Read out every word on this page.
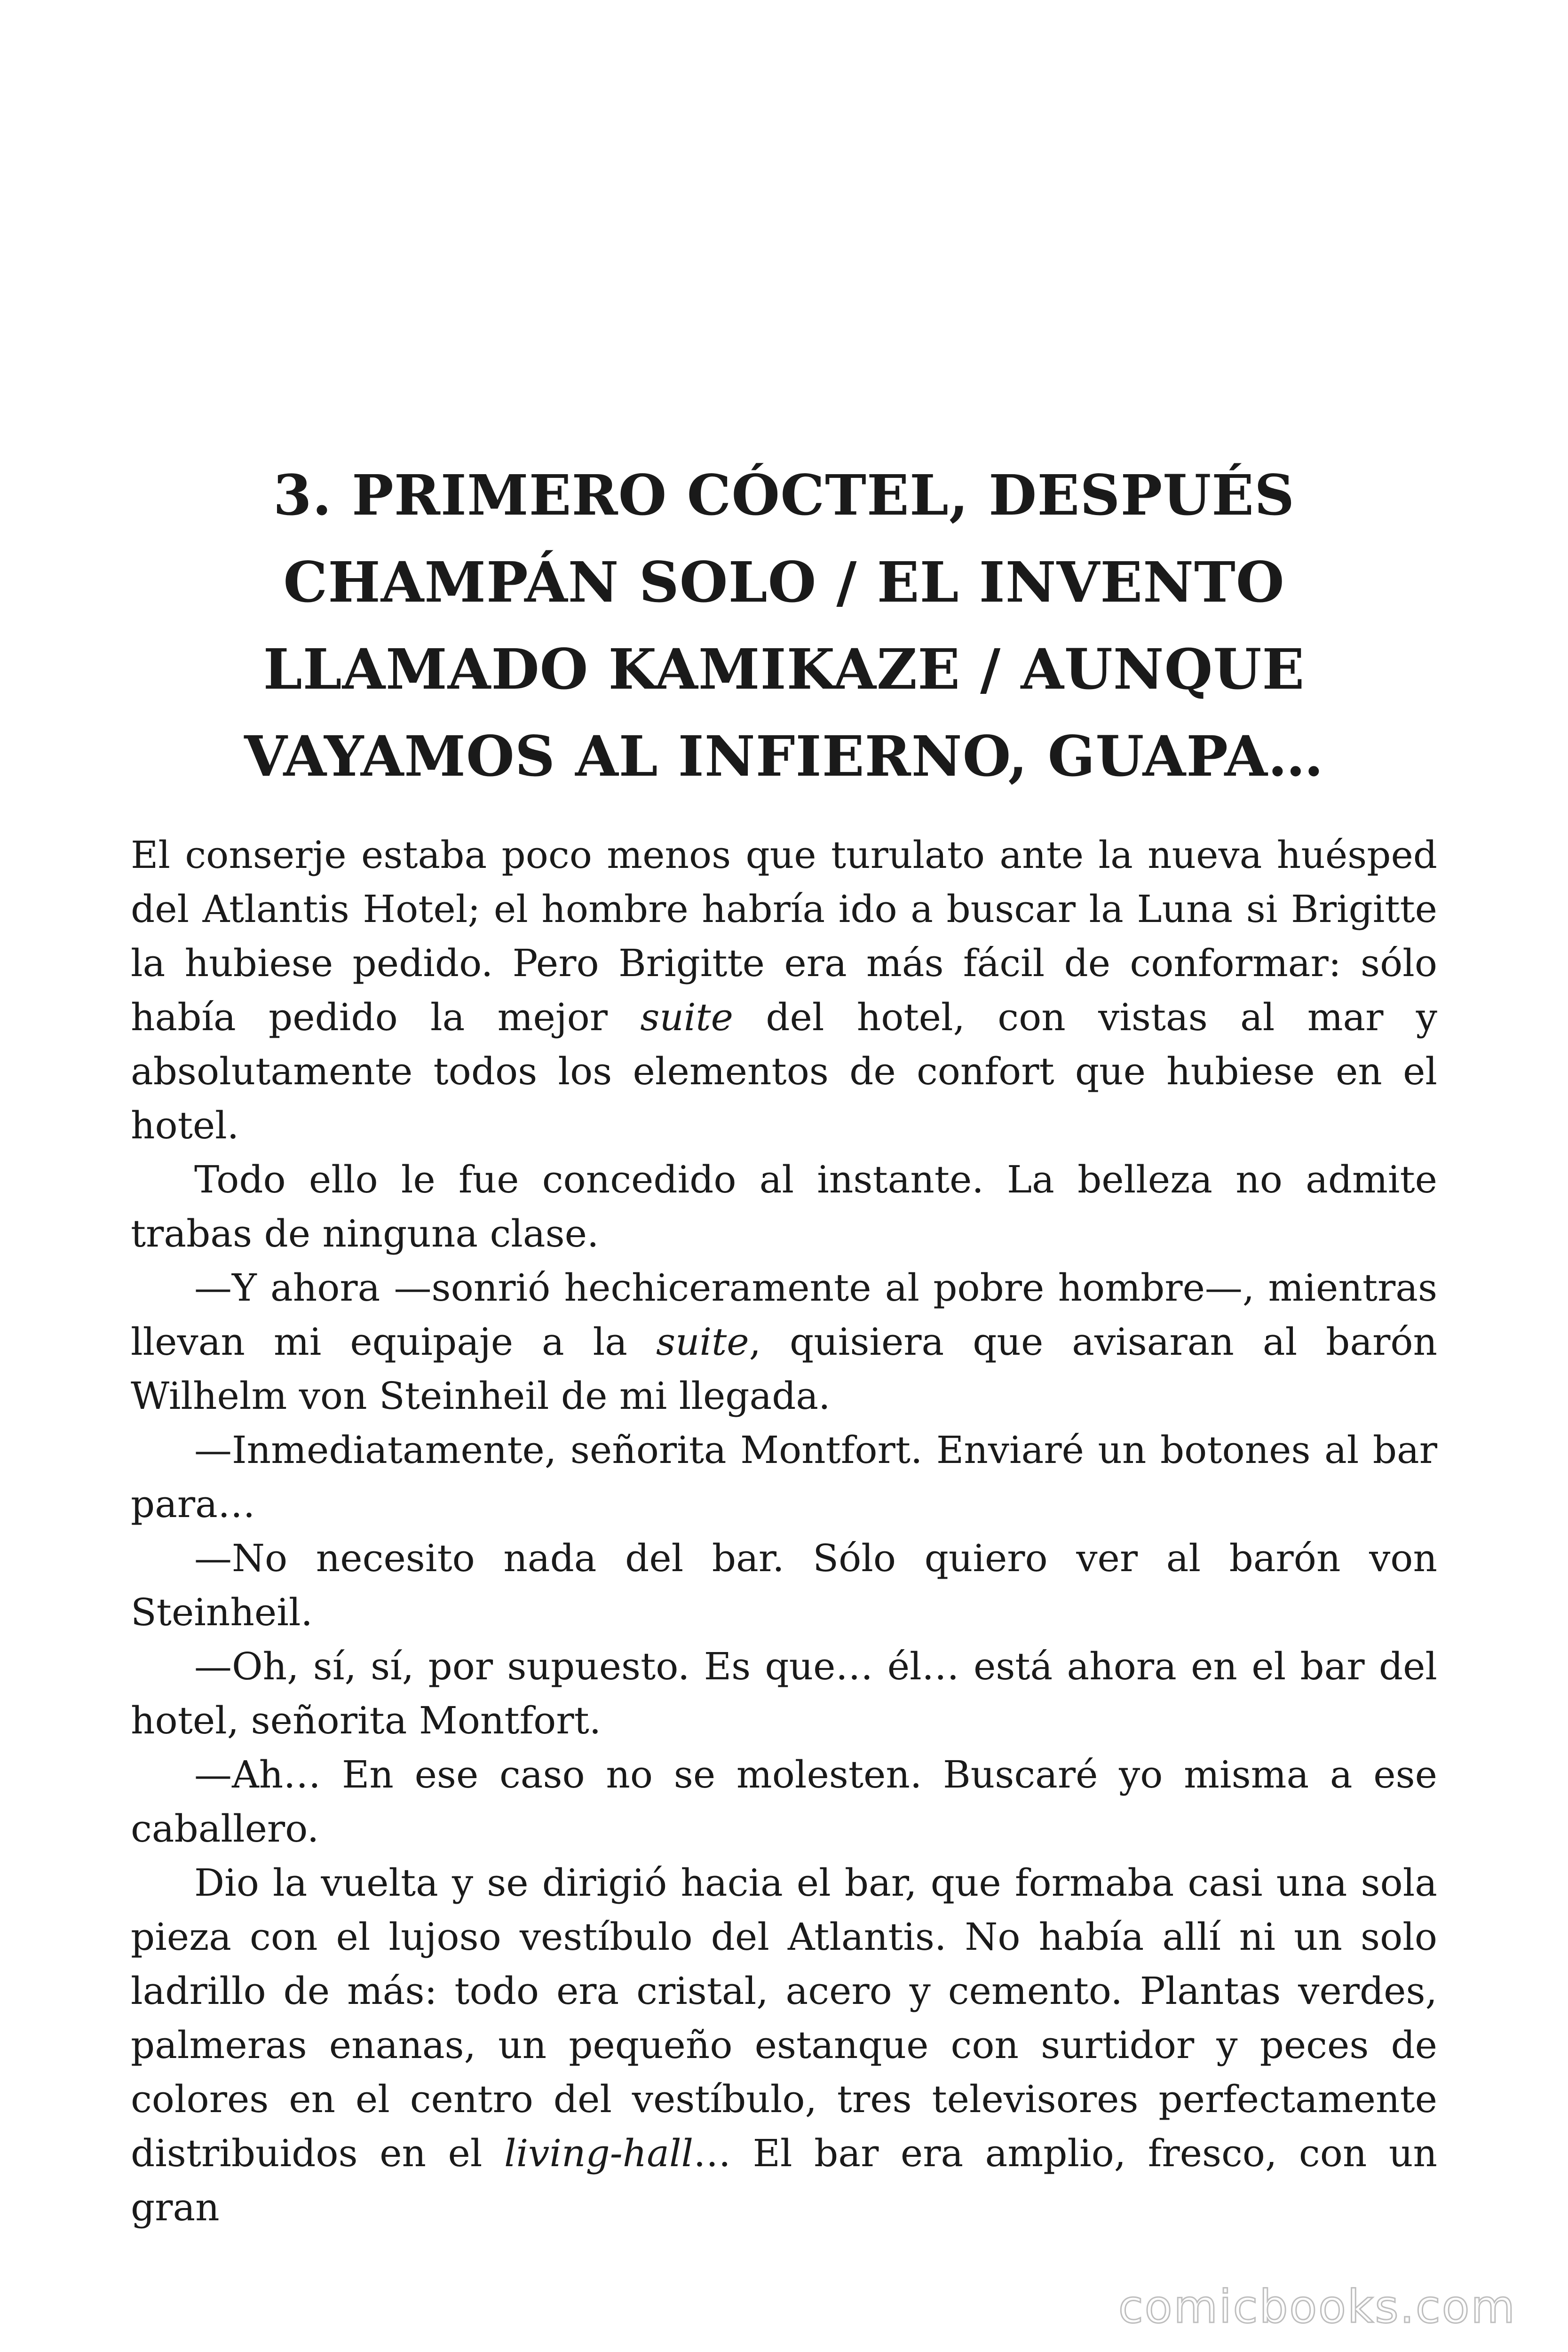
3. PRIMERO CÓCTEL, DESPUÉS
CHAMPÁN SOLO / EL INVENTO
LLAMADO KAMIKAZE / AUNQUE
VAYAMOS AL INFIERNO, GUAPA…

El conserje estaba poco menos que turulato ante la nueva huésped del Atlantis Hotel; el hombre habría ido a buscar la Luna si Brigitte la hubiese pedido. Pero Brigitte era más fácil de conformar: sólo había pedido la mejor suite del hotel, con vistas al mar y absolutamente todos los elementos de confort que hubiese en el hotel.

Todo ello le fue concedido al instante. La belleza no admite trabas de ninguna clase.

—Y ahora —sonrió hechiceramente al pobre hombre—, mientras llevan mi equipaje a la suite, quisiera que avisaran al barón Wilhelm von Steinheil de mi llegada.

—Inmediatamente, señorita Montfort. Enviaré un botones al bar para…

—No necesito nada del bar. Sólo quiero ver al barón von Steinheil.

—Oh, sí, sí, por supuesto. Es que… él… está ahora en el bar del hotel, señorita Montfort.

—Ah… En ese caso no se molesten. Buscaré yo misma a ese caballero.

Dio la vuelta y se dirigió hacia el bar, que formaba casi una sola pieza con el lujoso vestíbulo del Atlantis. No había allí ni un solo ladrillo de más: todo era cristal, acero y cemento. Plantas verdes, palmeras enanas, un pequeño estanque con surtidor y peces de colores en el centro del vestíbulo, tres televisores perfectamente distribuidos en el living-hall… El bar era amplio, fresco, con un gran

comicbooks.com
